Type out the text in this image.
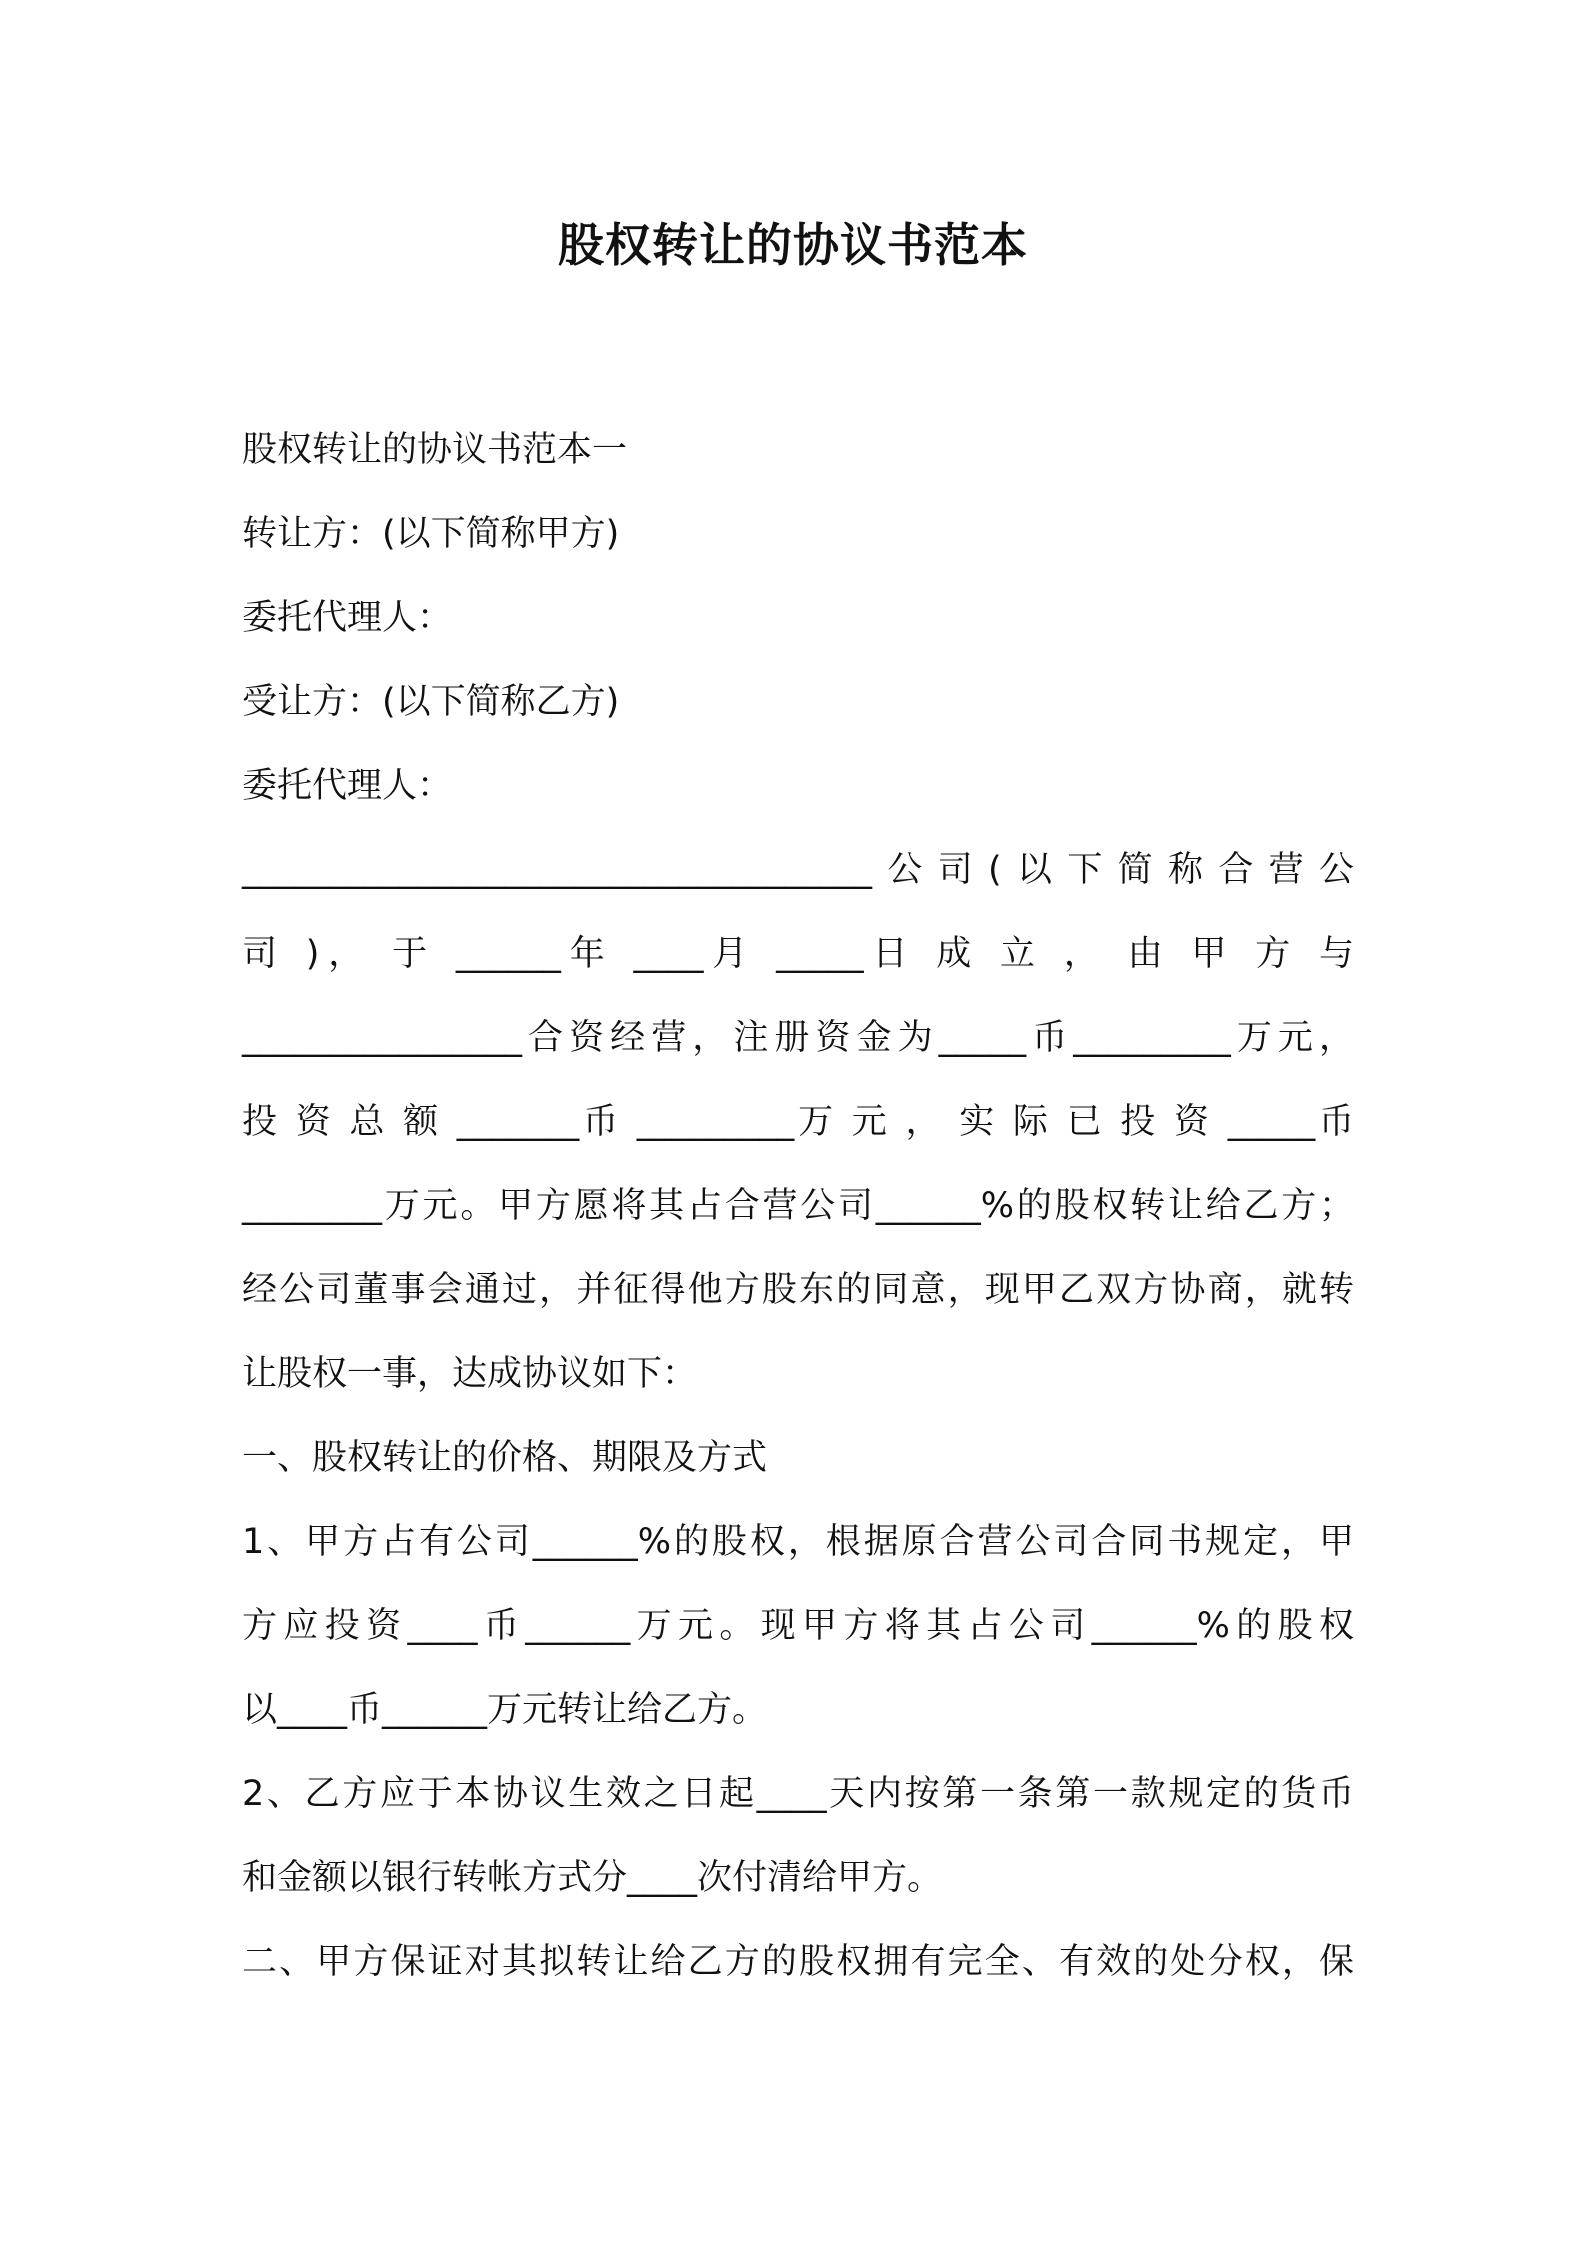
股权转让的协议书范本

股权转让的协议书范本一

转让方：(以下简称甲方)

委托代理人：

受让方：(以下简称乙方)

委托代理人：

____________________________________公司(以下简称合营公

司 )， 于 ______年 ____月 _____日 成 立 ， 由 甲 方 与

________________合资经营，注册资金为_____币_________万元，

投 资 总 额 _______币 _________万 元 ， 实 际 已 投 资 _____币

________万元。甲方愿将其占合营公司______%的股权转让给乙方；

经公司董事会通过，并征得他方股东的同意，现甲乙双方协商，就转

让股权一事，达成协议如下：

一、股权转让的价格、期限及方式

1、甲方占有公司______%的股权，根据原合营公司合同书规定，甲

方应投资____币______万元。现甲方将其占公司______%的股权

以____币______万元转让给乙方。

2、乙方应于本协议生效之日起____天内按第一条第一款规定的货币

和金额以银行转帐方式分____次付清给甲方。

二、甲方保证对其拟转让给乙方的股权拥有完全、有效的处分权，保
